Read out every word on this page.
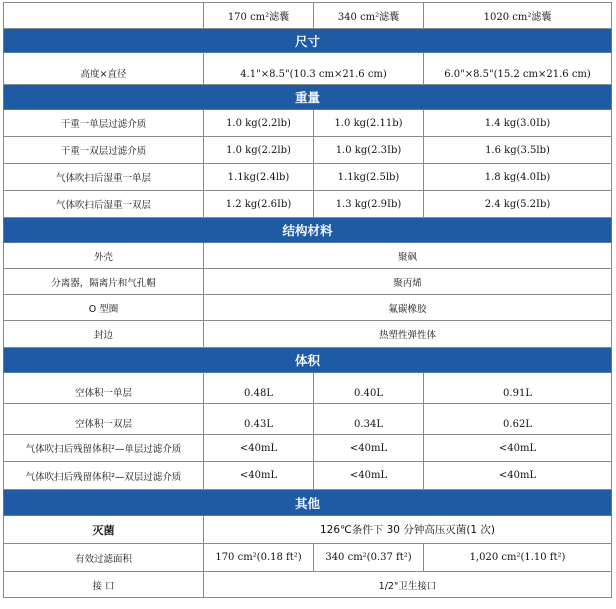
	170 cm²滤囊	340 cm²滤囊	1020 cm²滤囊
尺寸			
高度×直径	4.1"×8.5"(10.3 cm×21.6 cm)		6.0"×8.5"(15.2 cm×21.6 cm)
重量			
干重一单层过滤介质	1.0 kg(2.2lb)	1.0 kg(2.11b)	1.4 kg(3.0Ib)
干重一双层过滤介质	1.0 kg(2.2lb)	1.0 kg(2.3Ib)	1.6 kg(3.5lb)
气体吹扫后湿重一单层	1.1kg(2.4lb)	1.1kg(2.5lb)	1.8 kg(4.0Ib)
气体吹扫后湿重一双层	1.2 kg(2.6Ib)	1.3 kg(2.9Ib)	2.4 kg(5.2Ib)
结构材料			
外壳	聚砜		
分离器，隔离片和气孔帽	聚丙烯		
O 型圈	氟碳橡胶		
封边	热塑性弹性体		
体积			
空体积一单层	0.48L	0.40L	0.91L
空体积一双层	0.43L	0.34L	0.62L
气体吹扫后残留体积²—单层过滤介质	<40mL	<40mL	<40mL
气体吹扫后残留体积²—双层过滤介质	<40mL	<40mL	<40mL
其他			
灭菌	126℃条件下 30 分钟高压灭菌(1 次)		
有效过滤面积	170 cm²(0.18 ft²)	340 cm²(0.37 ft²)	1,020 cm²(1.10 ft²)
接 口	1/2"卫生接口		
